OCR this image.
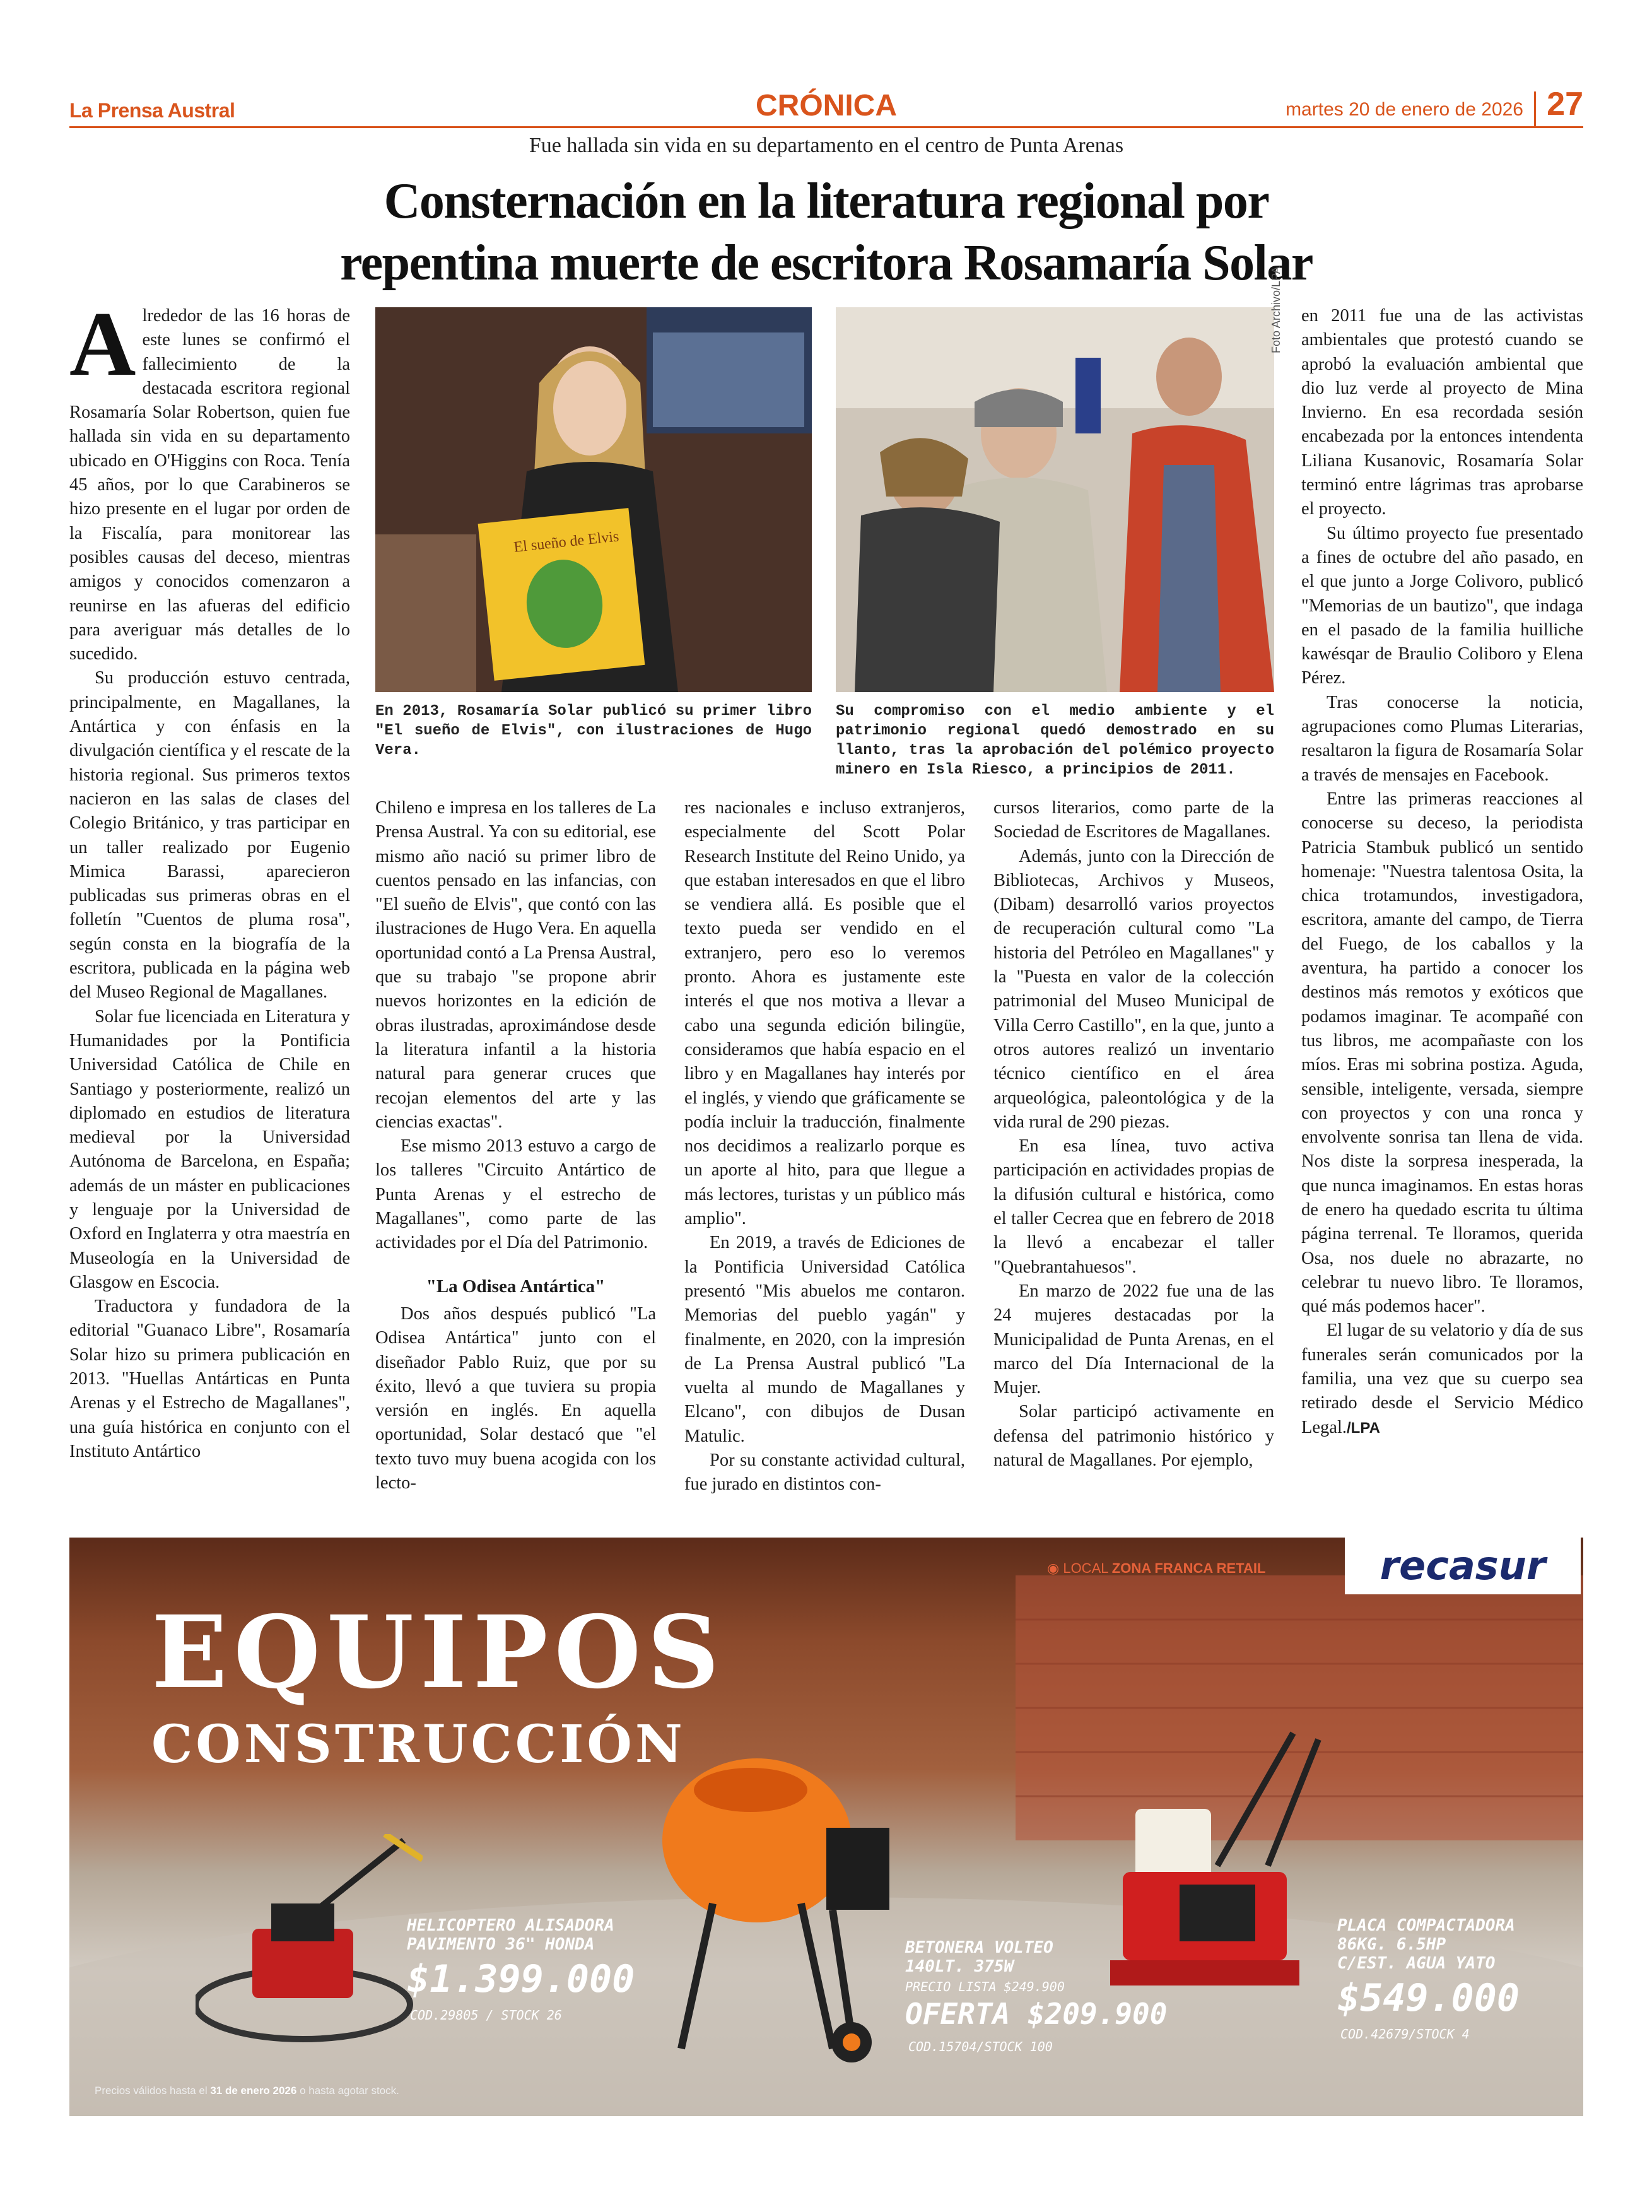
La Prensa Austral	CRÓNICA	martes 20 de enero de 2026 27
Fue hallada sin vida en su departamento en el centro de Punta Arenas
Consternación en la literatura regional por
repentina muerte de escritora Rosamaría Solar
A lrededor de las 16 horas de este lunes se confirmó el fallecimiento de la destacada escritora regional Rosamaría Solar Robertson, quien fue hallada sin vida en su departamento ubicado en O'Higgins con Roca. Tenía 45 años, por lo que Carabineros se hizo presente en el lugar por orden de la Fiscalía, para monitorear las posibles causas del deceso, mientras amigos y conocidos comenzaron a reunirse en las afueras del edificio para averiguar más detalles de lo sucedido.

Su producción estuvo centrada, principalmente, en Magallanes, la Antártica y con énfasis en la divulgación científica y el rescate de la historia regional. Sus primeros textos nacieron en las salas de clases del Colegio Británico, y tras participar en un taller realizado por Eugenio Mimica Barassi, aparecieron publicadas sus primeras obras en el folletín "Cuentos de pluma rosa", según consta en la biografía de la escritora, publicada en la página web del Museo Regional de Magallanes.

Solar fue licenciada en Literatura y Humanidades por la Pontificia Universidad Católica de Chile en Santiago y posteriormente, realizó un diplomado en estudios de literatura medieval por la Universidad Autónoma de Barcelona, en España; además de un máster en publicaciones y lenguaje por la Universidad de Oxford en Inglaterra y otra maestría en Museología en la Universidad de Glasgow en Escocia.

Traductora y fundadora de la editorial "Guanaco Libre", Rosamaría Solar hizo su primera publicación en 2013. "Huellas Antárticas en Punta Arenas y el Estrecho de Magallanes", una guía histórica en conjunto con el Instituto Antártico

El sueño de Elvis
En 2013, Rosamaría Solar publicó su primer libro "El sueño de Elvis", con ilustraciones de Hugo Vera.
Foto Archivo/LPA
Su compromiso con el medio ambiente y el patrimonio regional quedó demostrado en su llanto, tras la aprobación del polémico proyecto minero en Isla Riesco, a principios de 2011.

Chileno e impresa en los talleres de La Prensa Austral. Ya con su editorial, ese mismo año nació su primer libro de cuentos pensado en las infancias, con "El sueño de Elvis", que contó con las ilustraciones de Hugo Vera. En aquella oportunidad contó a La Prensa Austral, que su trabajo "se propone abrir nuevos horizontes en la edición de obras ilustradas, aproximándose desde la literatura infantil a la historia natural para generar cruces que recojan elementos del arte y las ciencias exactas".

Ese mismo 2013 estuvo a cargo de los talleres "Circuito Antártico de Punta Arenas y el estrecho de Magallanes", como parte de las actividades por el Día del Patrimonio.

"La Odisea Antártica"

Dos años después publicó "La Odisea Antártica" junto con el diseñador Pablo Ruiz, que por su éxito, llevó a que tuviera su propia versión en inglés. En aquella oportunidad, Solar destacó que "el texto tuvo muy buena acogida con los lecto-

res nacionales e incluso extranjeros, especialmente del Scott Polar Research Institute del Reino Unido, ya que estaban interesados en que el libro se vendiera allá. Es posible que el texto pueda ser vendido en el extranjero, pero eso lo veremos pronto. Ahora es justamente este interés el que nos motiva a llevar a cabo una segunda edición bilingüe, consideramos que había espacio en el libro y en Magallanes hay interés por el inglés, y viendo que gráficamente se podía incluir la traducción, finalmente nos decidimos a realizarlo porque es un aporte al hito, para que llegue a más lectores, turistas y un público más amplio".

En 2019, a través de Ediciones de la Pontificia Universidad Católica presentó "Mis abuelos me contaron. Memorias del pueblo yagán" y finalmente, en 2020, con la impresión de La Prensa Austral publicó "La vuelta al mundo de Magallanes y Elcano", con dibujos de Dusan Matulic.

Por su constante actividad cultural, fue jurado en distintos con-

cursos literarios, como parte de la Sociedad de Escritores de Magallanes.

Además, junto con la Dirección de Bibliotecas, Archivos y Museos, (Dibam) desarrolló varios proyectos de recuperación cultural como "La historia del Petróleo en Magallanes" y la "Puesta en valor de la colección patrimonial del Museo Municipal de Villa Cerro Castillo", en la que, junto a otros autores realizó un inventario técnico científico en el área arqueológica, paleontológica y de la vida rural de 290 piezas.

En esa línea, tuvo activa participación en actividades propias de la difusión cultural e histórica, como el taller Cecrea que en febrero de 2018 la llevó a encabezar el taller "Quebrantahuesos".

En marzo de 2022 fue una de las 24 mujeres destacadas por la Municipalidad de Punta Arenas, en el marco del Día Internacional de la Mujer.

Solar participó activamente en defensa del patrimonio histórico y natural de Magallanes. Por ejemplo,

en 2011 fue una de las activistas ambientales que protestó cuando se aprobó la evaluación ambiental que dio luz verde al proyecto de Mina Invierno. En esa recordada sesión encabezada por la entonces intendenta Liliana Kusanovic, Rosamaría Solar terminó entre lágrimas tras aprobarse el proyecto.

Su último proyecto fue presentado a fines de octubre del año pasado, en el que junto a Jorge Colivoro, publicó "Memorias de un bautizo", que indaga en el pasado de la familia huilliche kawésqar de Braulio Coliboro y Elena Pérez.

Tras conocerse la noticia, agrupaciones como Plumas Literarias, resaltaron la figura de Rosamaría Solar a través de mensajes en Facebook.

Entre las primeras reacciones al conocerse su deceso, la periodista Patricia Stambuk publicó un sentido homenaje: "Nuestra talentosa Osita, la chica trotamundos, investigadora, escritora, amante del campo, de Tierra del Fuego, de los caballos y la aventura, ha partido a conocer los destinos más remotos y exóticos que podamos imaginar. Te acompañé con tus libros, me acompañaste con los míos. Eras mi sobrina postiza. Aguda, sensible, inteligente, versada, siempre con proyectos y con una ronca y envolvente sonrisa tan llena de vida. Nos diste la sorpresa inesperada, la que nunca imaginamos. En estas horas de enero ha quedado escrita tu última página terrenal. Te lloramos, querida Osa, nos duele no abrazarte, no celebrar tu nuevo libro. Te lloramos, qué más podemos hacer".

El lugar de su velatorio y día de sus funerales serán comunicados por la familia, una vez que su cuerpo sea retirado desde el Servicio Médico Legal./LPA

EQUIPOS
CONSTRUCCIÓN
◉ LOCAL ZONA FRANCA RETAIL	recasur
HELICOPTERO ALISADORA
PAVIMENTO 36" HONDA
$1.399.000
COD.29805 / STOCK 26
BETONERA VOLTEO
140LT. 375W
PRECIO LISTA $249.900
OFERTA $209.900
COD.15704/STOCK 100
PLACA COMPACTADORA
86KG. 6.5HP
C/EST. AGUA YATO
$549.000
COD.42679/STOCK 4
Precios válidos hasta el 31 de enero 2026 o hasta agotar stock.
